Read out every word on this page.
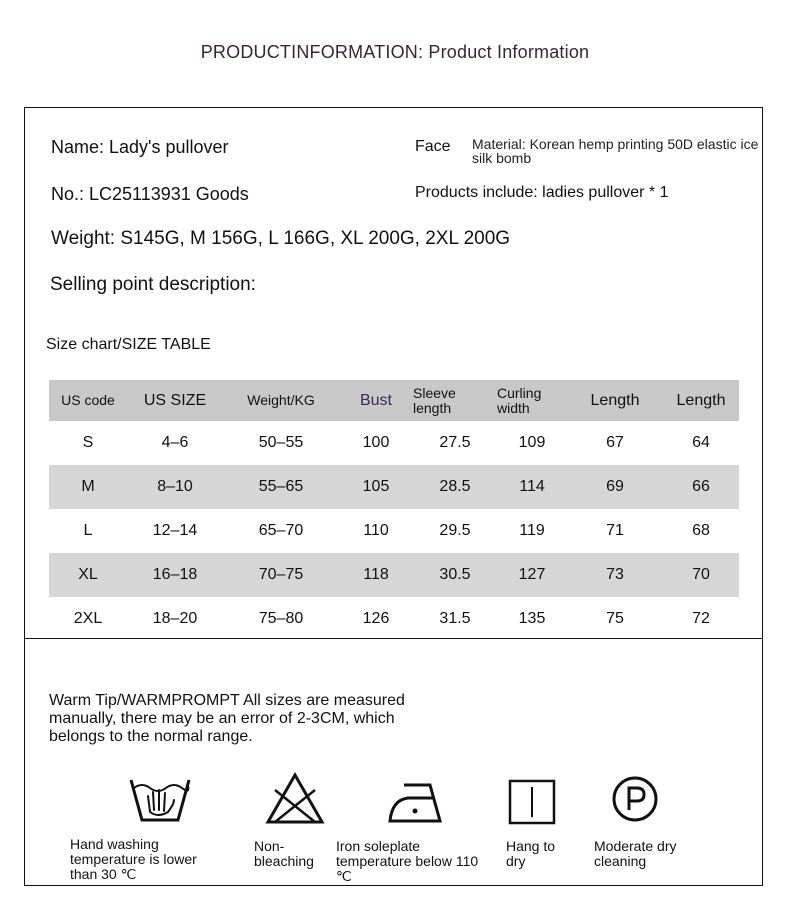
PRODUCTINFORMATION: Product Information
Name: Lady's pullover	Face Material: Korean hemp printing 50D elastic ice silk bomb
No.: LC25113931 Goods	Products include: ladies pullover * 1
Weight: S145G, M 156G, L 166G, XL 200G, 2XL 200G
Selling point description:
Size chart/SIZE TABLE
US code	US SIZE	Weight/KG	Bust	Sleeve length	Curling width	Length	Length
S	4–6	50–55	100	27.5	109	67	64
M	8–10	55–65	105	28.5	114	69	66
L	12–14	65–70	110	29.5	119	71	68
XL	16–18	70–75	118	30.5	127	73	70
2XL	18–20	75–80	126	31.5	135	75	72
Warm Tip/WARMPROMPT All sizes are measured manually, there may be an error of 2-3CM, which belongs to the normal range.
Hand washing temperature is lower than 30 ℃
Non-bleaching
Iron soleplate temperature below 110 ℃
Hang to dry
Moderate dry cleaning
